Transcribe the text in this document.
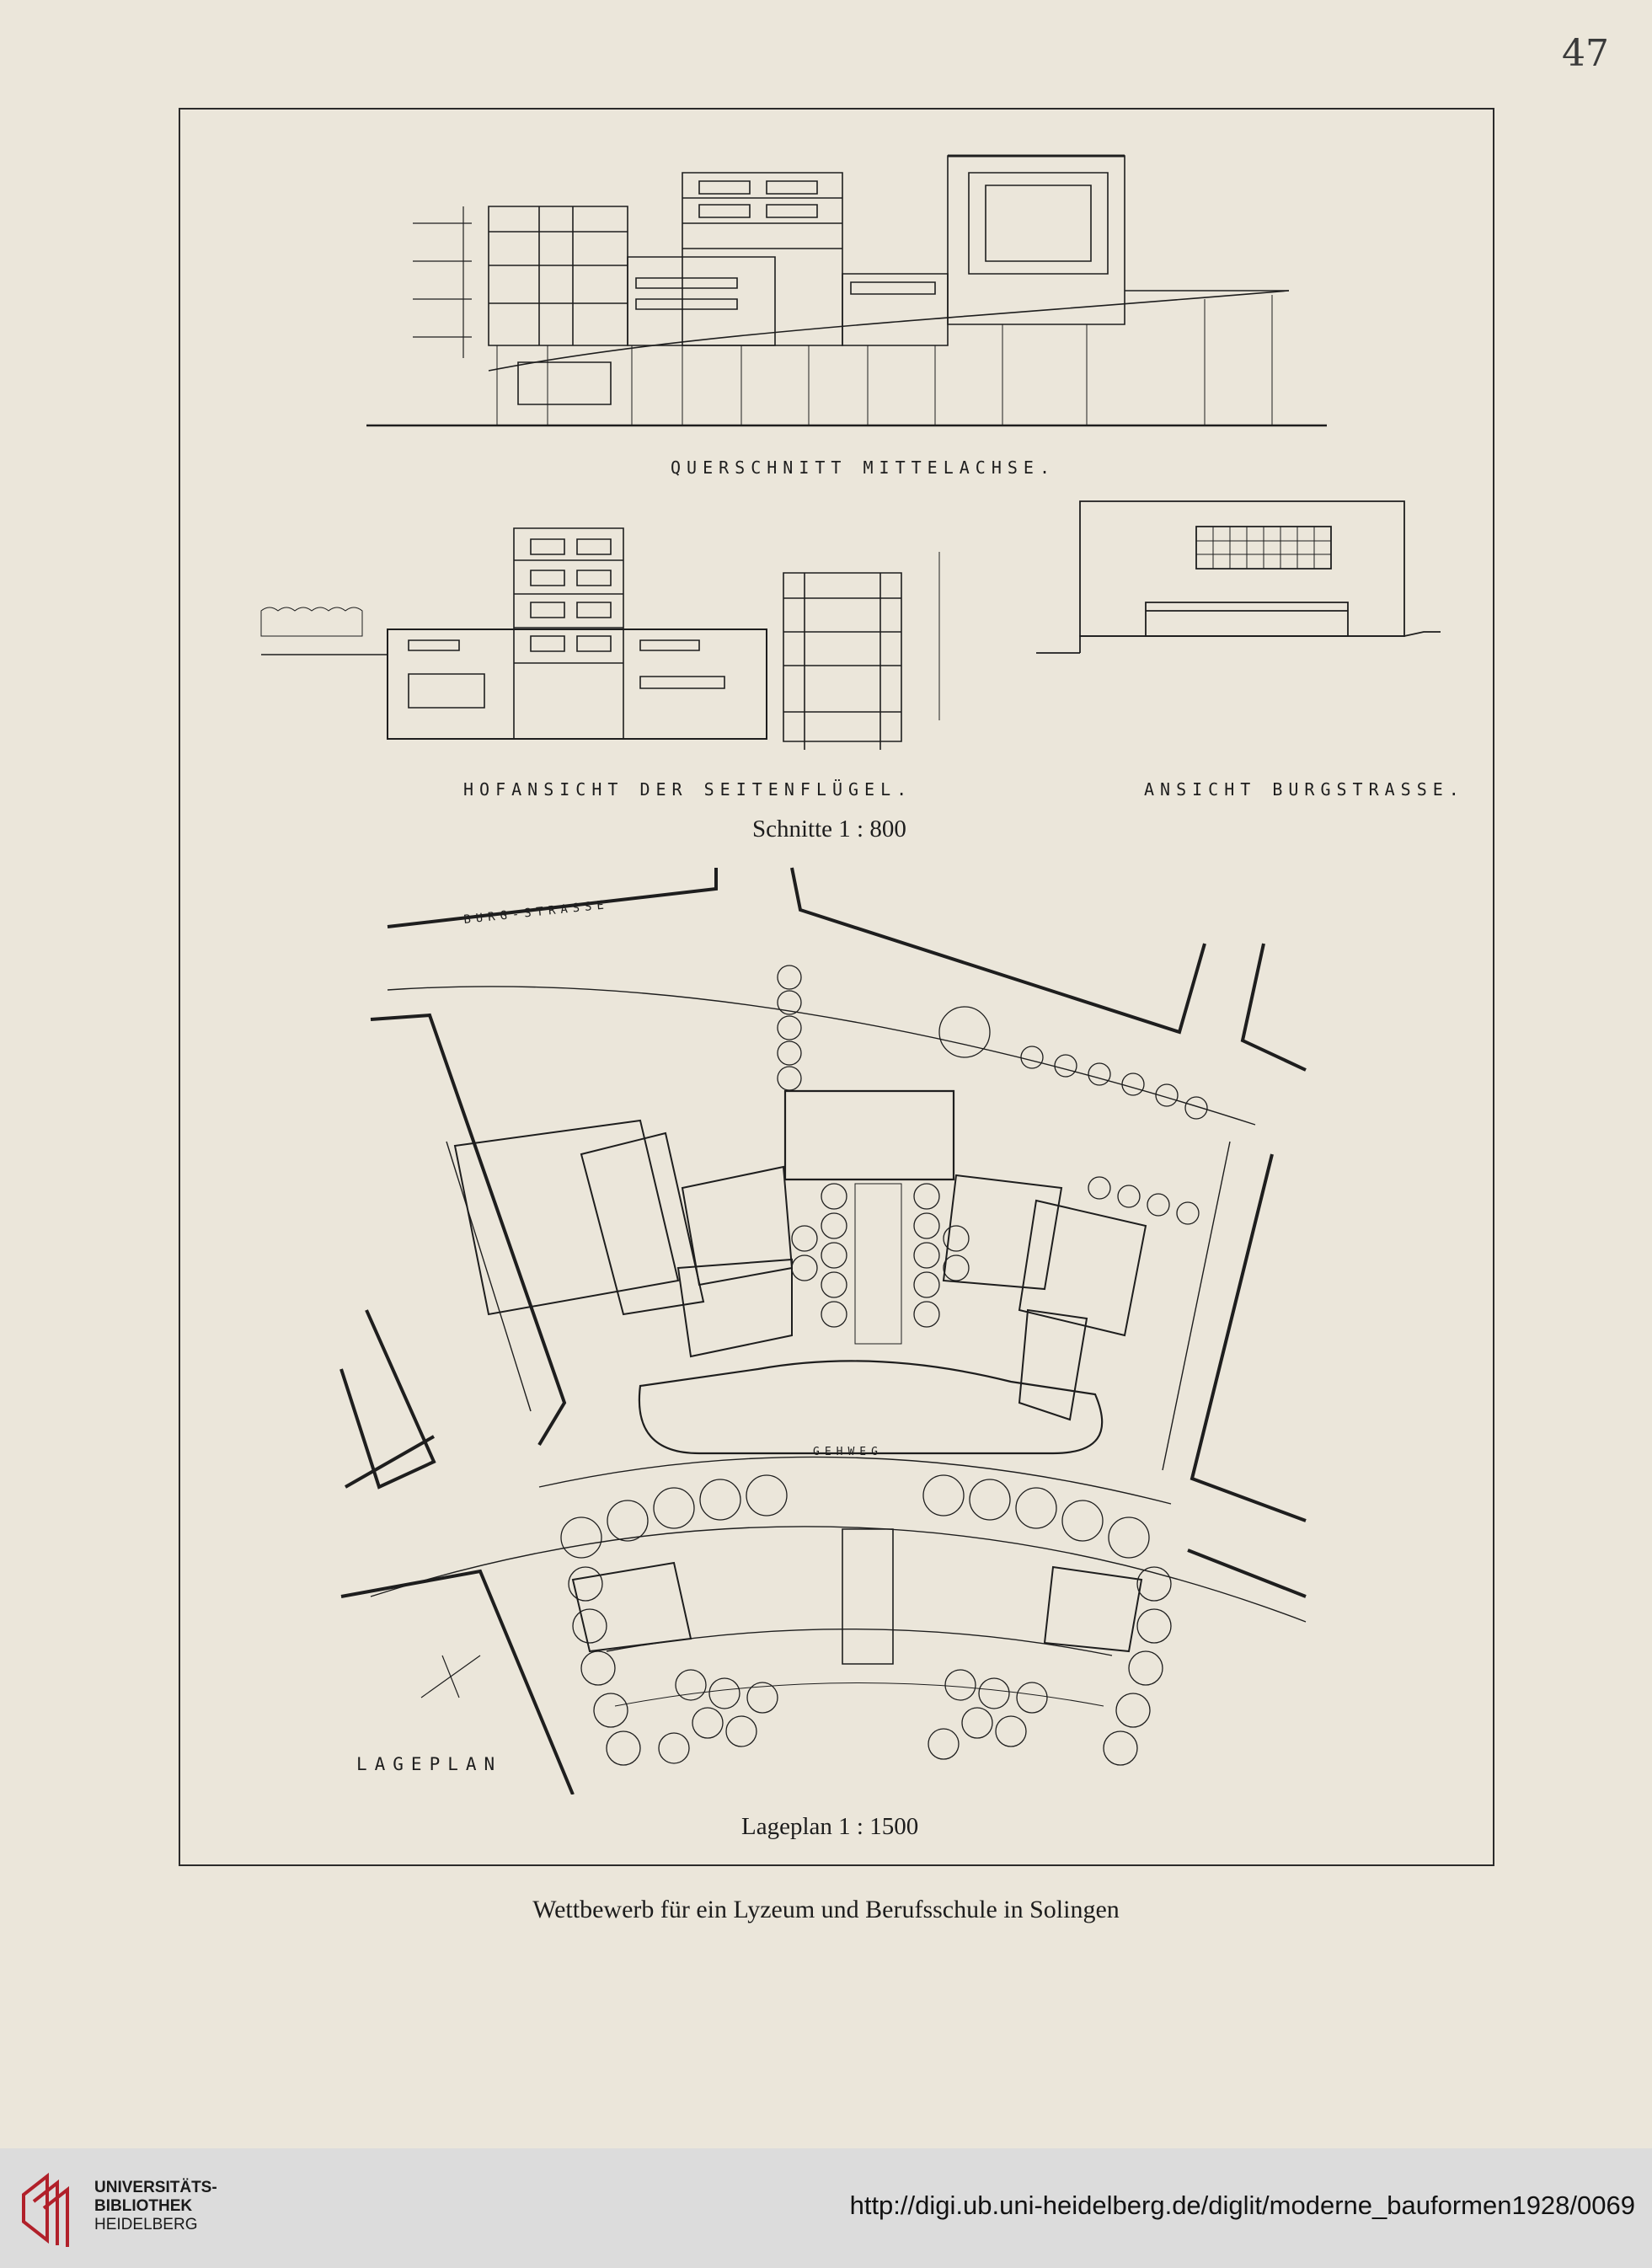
47
QUERSCHNITT MITTELACHSE.
HOFANSICHT DER SEITENFLÜGEL.	ANSICHT BURGSTRASSE.
Schnitte 1 : 800
BURG-STRASSE
GEHWEG
LAGEPLAN
Lageplan 1 : 1500
Wettbewerb für ein Lyzeum und Berufsschule in Solingen
UNIVERSITÄTS-
BIBLIOTHEK
HEIDELBERG
http://digi.ub.uni-heidelberg.de/diglit/moderne_bauformen1928/0069
